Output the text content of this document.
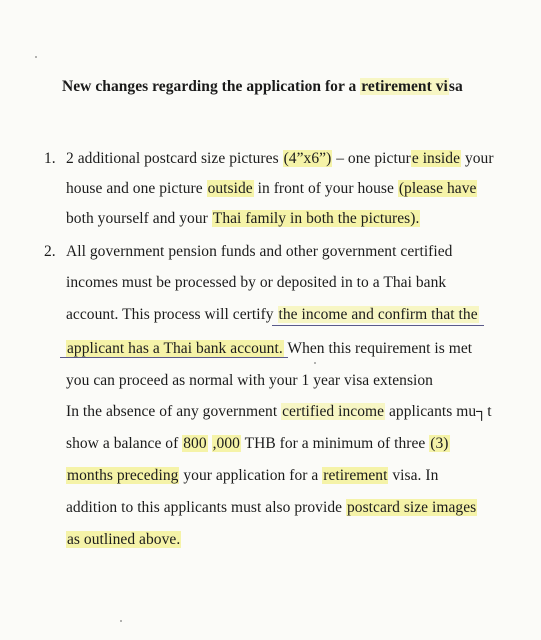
New changes regarding the application for a retirement visa
1. 2 additional postcard size pictures (4”x6”) – one picture inside your
house and one picture outside in front of your house (please have
both yourself and your Thai family in both the pictures).
2. All government pension funds and other government certified
incomes must be processed by or deposited in to a Thai bank
account. This process will certify the income and confirm that the
applicant has a Thai bank account. When this requirement is met
you can proceed as normal with your 1 year visa extension
In the absence of any government certified income applicants mu┐t
show a balance of 800 ,000 THB for a minimum of three (3)
months preceding your application for a retirement visa. In
addition to this applicants must also provide postcard size images
as outlined above.
